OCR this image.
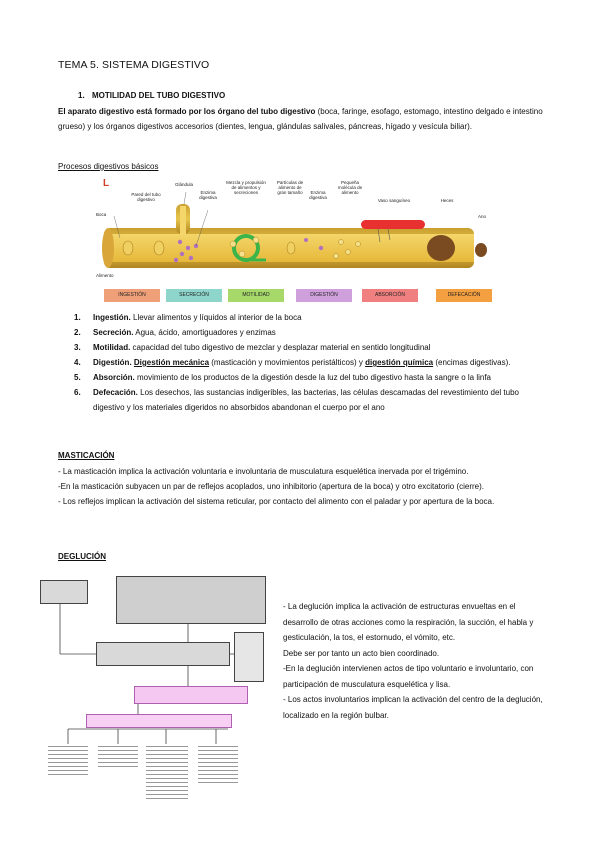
TEMA 5. SISTEMA DIGESTIVO
1. MOTILIDAD DEL TUBO DIGESTIVO
El aparato digestivo está formado por los órgano del tubo digestivo (boca, faringe, esofago, estomago, intestino delgado e intestino grueso) y los órganos digestivos accesorios (dientes, lengua, glándulas salivales, páncreas, hígado y vesícula biliar).
Procesos digestivos básicos
L
Boca
Alimento
Pared del tubo digestivo
Glándula
Enzima digestiva
Mezcla y propulsión de alimentos y secreciones
Partículas de alimento de gran tamaño	Enzima digestiva
Pequeña molécula de alimento
Vaso sanguíneo	Heces
Ano
INGESTIÓN	SECRECIÓN	MOTILIDAD	DIGESTIÓN	ABSORCIÓN	DEFECACIÓN
1. Ingestión. Llevar alimentos y líquidos al interior de la boca
2. Secreción. Agua, ácido, amortiguadores y enzimas
3. Motilidad. capacidad del tubo digestivo de mezclar y desplazar material en sentido longitudinal
4. Digestión. Digestión mecánica (masticación y movimientos peristálticos) y digestión química (encimas digestivas).
5. Absorción. movimiento de los productos de la digestión desde la luz del tubo digestivo hasta la sangre o la linfa
6. Defecación. Los desechos, las sustancias indigeribles, las bacterias, las células descamadas del revestimiento del tubo digestivo y los materiales digeridos no absorbidos abandonan el cuerpo por el ano
MASTICACIÓN
- La masticación implica la activación voluntaria e involuntaria de musculatura esquelética inervada por el trigémino.
-En la masticación subyacen un par de reflejos acoplados, uno inhibitorio (apertura de la boca) y otro excitatorio (cierre).
- Los reflejos implican la activación del sistema reticular, por contacto del alimento con el paladar y por apertura de la boca.
DEGLUCIÓN
- La deglución implica la activación de estructuras envueltas en el desarrollo de otras acciones como la respiración, la succión, el habla y gesticulación, la tos, el estornudo, el vómito, etc.
Debe ser por tanto un acto bien coordinado.
-En la deglución intervienen actos de tipo voluntario e involuntario, con participación de musculatura esquelética y lisa.
- Los actos involuntarios implican la activación del centro de la deglución, localizado en la región bulbar.
